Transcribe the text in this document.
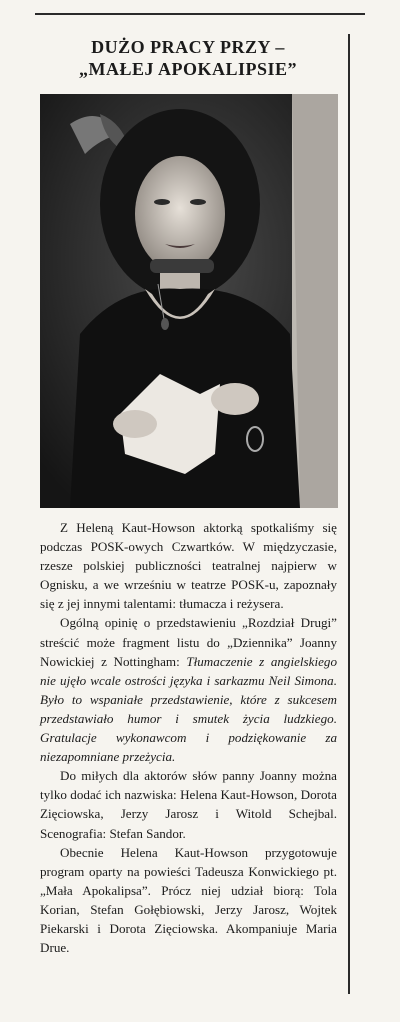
DUŻO PRACY PRZY –
„MAŁEJ APOKALIPSIE”

Z Heleną Kaut-Howson aktorką spotkaliśmy się podczas POSK-owych Czwartków. W międzyczasie, rzesze polskiej publiczności teatralnej najpierw w Ognisku, a we wrześniu w teatrze POSK-u, zapoznały się z jej innymi talentami: tłumacza i reżysera.

Ogólną opinię o przedstawieniu „Rozdział Drugi” streścić może fragment listu do „Dziennika” Joanny Nowickiej z Nottingham: Tłumaczenie z angielskiego nie ujęło wcale ostrości języka i sarkazmu Neil Simona. Było to wspaniałe przedstawienie, które z sukcesem przedstawiało humor i smutek życia ludzkiego. Gratulacje wykonawcom i podziękowanie za niezapomniane przeżycia.

Do miłych dla aktorów słów panny Joanny można tylko dodać ich nazwiska: Helena Kaut-Howson, Dorota Zięciowska, Jerzy Jarosz i Witold Schejbal. Scenografia: Stefan Sandor.

Obecnie Helena Kaut-Howson przygotowuje program oparty na powieści Tadeusza Konwickiego pt. „Mała Apokalipsa”. Prócz niej udział biorą: Tola Korian, Stefan Gołębiowski, Jerzy Jarosz, Wojtek Piekarski i Dorota Zięciowska. Akompaniuje Maria Drue.
